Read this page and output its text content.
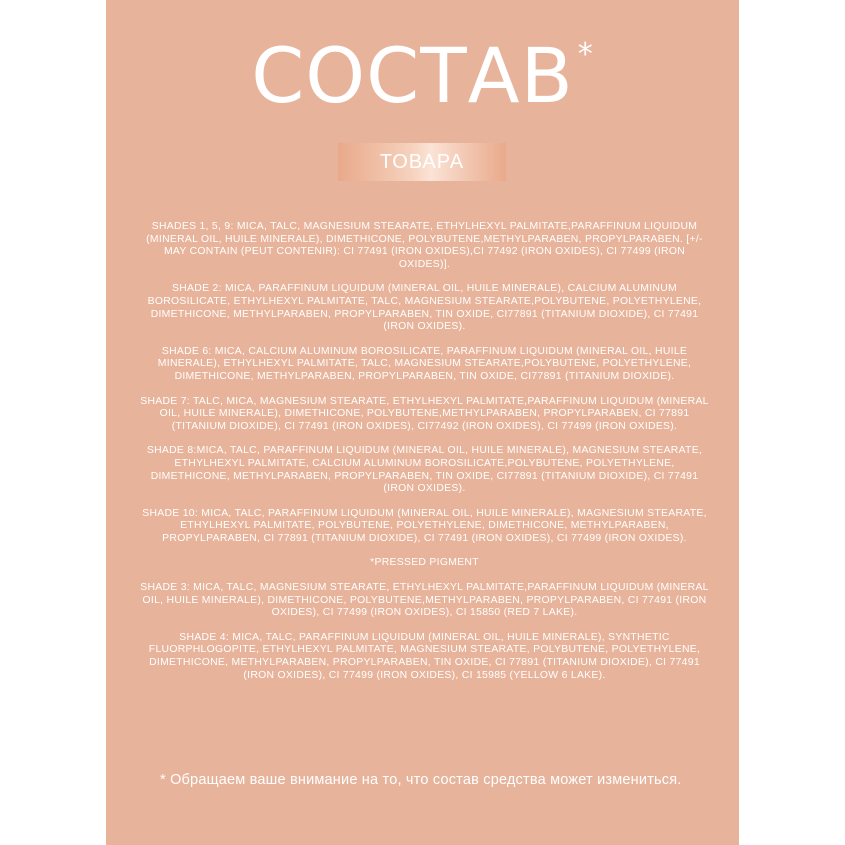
СОСТАВ *
ТОВАРА

SHADES 1, 5, 9: MICA, TALC, MAGNESIUM STEARATE, ETHYLHEXYL PALMITATE,PARAFFINUM LIQUIDUM (MINERAL OIL, HUILE MINERALE), DIMETHICONE, POLYBUTENE,METHYLPARABEN, PROPYLPARABEN. [+/- MAY CONTAIN (PEUT CONTENIR): CI 77491 (IRON OXIDES),CI 77492 (IRON OXIDES), CI 77499 (IRON OXIDES)].

SHADE 2: MICA, PARAFFINUM LIQUIDUM (MINERAL OIL, HUILE MINERALE), CALCIUM ALUMINUM BOROSILICATE, ETHYLHEXYL PALMITATE, TALC, MAGNESIUM STEARATE,POLYBUTENE, POLYETHYLENE, DIMETHICONE, METHYLPARABEN, PROPYLPARABEN, TIN OXIDE, CI77891 (TITANIUM DIOXIDE), CI 77491 (IRON OXIDES).

SHADE 6: MICA, CALCIUM ALUMINUM BOROSILICATE, PARAFFINUM LIQUIDUM (MINERAL OIL, HUILE MINERALE), ETHYLHEXYL PALMITATE, TALC, MAGNESIUM STEARATE,POLYBUTENE, POLYETHYLENE, DIMETHICONE, METHYLPARABEN, PROPYLPARABEN, TIN OXIDE, CI77891 (TITANIUM DIOXIDE).

SHADE 7: TALC, MICA, MAGNESIUM STEARATE, ETHYLHEXYL PALMITATE,PARAFFINUM LIQUIDUM (MINERAL OIL, HUILE MINERALE), DIMETHICONE, POLYBUTENE,METHYLPARABEN, PROPYLPARABEN, CI 77891 (TITANIUM DIOXIDE), CI 77491 (IRON OXIDES), CI77492 (IRON OXIDES), CI 77499 (IRON OXIDES).

SHADE 8:MICA, TALC, PARAFFINUM LIQUIDUM (MINERAL OIL, HUILE MINERALE), MAGNESIUM STEARATE, ETHYLHEXYL PALMITATE, CALCIUM ALUMINUM BOROSILICATE,POLYBUTENE, POLYETHYLENE, DIMETHICONE, METHYLPARABEN, PROPYLPARABEN, TIN OXIDE, CI77891 (TITANIUM DIOXIDE), CI 77491 (IRON OXIDES).

SHADE 10: MICA, TALC, PARAFFINUM LIQUIDUM (MINERAL OIL, HUILE MINERALE), MAGNESIUM STEARATE, ETHYLHEXYL PALMITATE, POLYBUTENE, POLYETHYLENE, DIMETHICONE, METHYLPARABEN, PROPYLPARABEN, CI 77891 (TITANIUM DIOXIDE), CI 77491 (IRON OXIDES), CI 77499 (IRON OXIDES).

*PRESSED PIGMENT

SHADE 3: MICA, TALC, MAGNESIUM STEARATE, ETHYLHEXYL PALMITATE,PARAFFINUM LIQUIDUM (MINERAL OIL, HUILE MINERALE), DIMETHICONE, POLYBUTENE,METHYLPARABEN, PROPYLPARABEN, CI 77491 (IRON OXIDES), CI 77499 (IRON OXIDES), CI 15850 (RED 7 LAKE).

SHADE 4: MICA, TALC, PARAFFINUM LIQUIDUM (MINERAL OIL, HUILE MINERALE), SYNTHETIC FLUORPHLOGOPITE, ETHYLHEXYL PALMITATE, MAGNESIUM STEARATE, POLYBUTENE, POLYETHYLENE, DIMETHICONE, METHYLPARABEN, PROPYLPARABEN, TIN OXIDE, CI 77891 (TITANIUM DIOXIDE), CI 77491 (IRON OXIDES), CI 77499 (IRON OXIDES), CI 15985 (YELLOW 6 LAKE).

* Обращаем ваше внимание на то, что состав средства может измениться.
